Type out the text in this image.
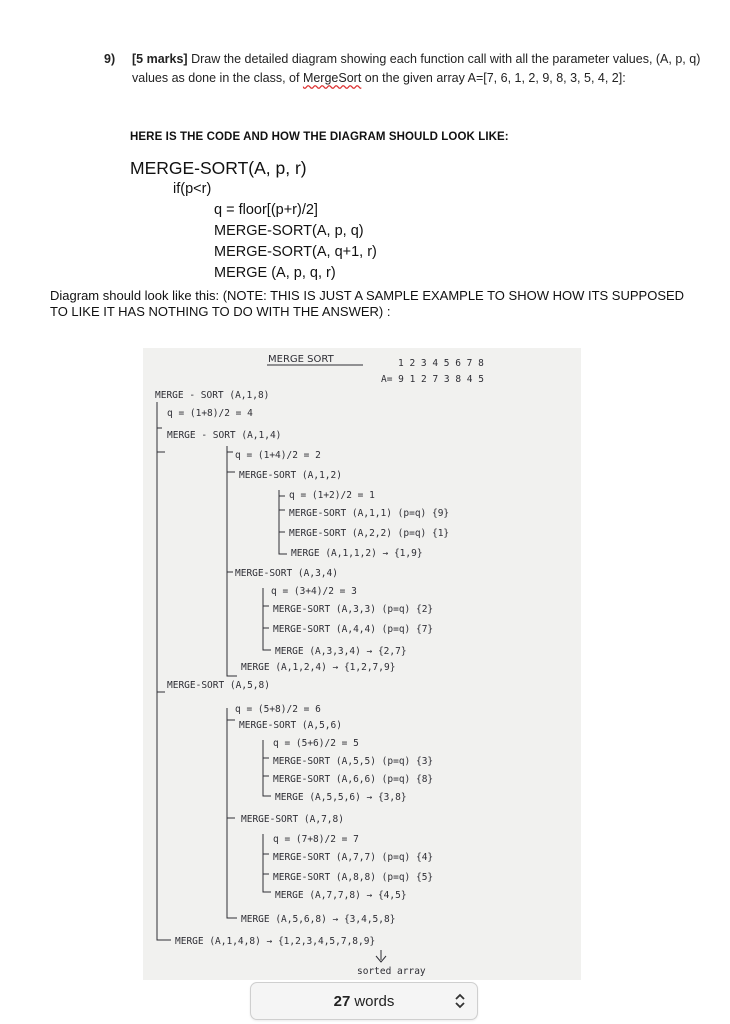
9) [5 marks] Draw the detailed diagram showing each function call with all the parameter values, (A, p, q) values as done in the class, of MergeSort on the given array A=[7, 6, 1, 2, 9, 8, 3, 5, 4, 2]:
HERE IS THE CODE AND HOW THE DIAGRAM SHOULD LOOK LIKE:
MERGE-SORT(A, p, r)
if(p<r)
q = floor[(p+r)/2]
MERGE-SORT(A, p, q)
MERGE-SORT(A, q+1, r)
MERGE (A, p, q, r)
Diagram should look like this: (NOTE: THIS IS JUST A SAMPLE EXAMPLE TO SHOW HOW ITS SUPPOSED TO LIKE IT HAS NOTHING TO DO WITH THE ANSWER) :
MERGE SORT	1 2 3 4 5 6 7 8
A= 9 1 2 7 3 8 4 5
MERGE - SORT (A,1,8)
q = (1+8)/2 = 4
MERGE - SORT (A,1,4)
q = (1+4)/2 = 2
MERGE-SORT (A,1,2)
q = (1+2)/2 = 1
MERGE-SORT (A,1,1) (p=q) {9}
MERGE-SORT (A,2,2) (p=q) {1}
MERGE (A,1,1,2) → {1,9}
MERGE-SORT (A,3,4)
q = (3+4)/2 = 3
MERGE-SORT (A,3,3) (p=q) {2}
MERGE-SORT (A,4,4) (p=q) {7}
MERGE (A,3,3,4) → {2,7}
MERGE (A,1,2,4) → {1,2,7,9}
MERGE-SORT (A,5,8)
q = (5+8)/2 = 6
MERGE-SORT (A,5,6)
q = (5+6)/2 = 5
MERGE-SORT (A,5,5) (p=q) {3}
MERGE-SORT (A,6,6) (p=q) {8}
MERGE (A,5,5,6) → {3,8}
MERGE-SORT (A,7,8)
q = (7+8)/2 = 7
MERGE-SORT (A,7,7) (p=q) {4}
MERGE-SORT (A,8,8) (p=q) {5}
MERGE (A,7,7,8) → {4,5}
MERGE (A,5,6,8) → {3,4,5,8}
MERGE (A,1,4,8) → {1,2,3,4,5,7,8,9}
sorted array
27 words
